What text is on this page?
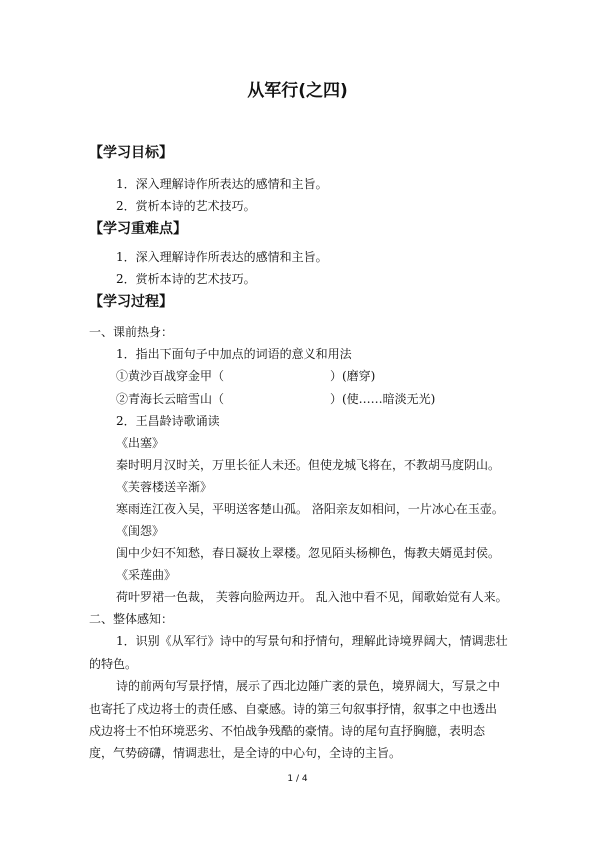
从军行(之四)
【学习目标】
1．深入理解诗作所表达的感情和主旨。
2．赏析本诗的艺术技巧。
【学习重难点】
1．深入理解诗作所表达的感情和主旨。
2．赏析本诗的艺术技巧。
【学习过程】
一、课前热身：
1．指出下面句子中加点的词语的意义和用法
①黄沙百战穿金甲（	）(磨穿)
②青海长云暗雪山（	）(使……暗淡无光)
2．王昌龄诗歌诵读
《出塞》
秦时明月汉时关，万里长征人未还。但使龙城飞将在，不教胡马度阴山。
《芙蓉楼送辛渐》
寒雨连江夜入吴，平明送客楚山孤。 洛阳亲友如相问，一片冰心在玉壶。
《闺怨》
闺中少妇不知愁，春日凝妆上翠楼。忽见陌头杨柳色，悔教夫婿觅封侯。
《采莲曲》
荷叶罗裙一色裁， 芙蓉向脸两边开。 乱入池中看不见，闻歌始觉有人来。
二、整体感知：
1．识别《从军行》诗中的写景句和抒情句，理解此诗境界阔大，情调悲壮
的特色。
诗的前两句写景抒情，展示了西北边陲广袤的景色，境界阔大，写景之中
也寄托了戍边将士的责任感、自豪感。诗的第三句叙事抒情，叙事之中也透出
戍边将士不怕环境恶劣、不怕战争残酷的豪情。诗的尾句直抒胸臆，表明态
度，气势磅礴，情调悲壮，是全诗的中心句，全诗的主旨。
1 / 4
